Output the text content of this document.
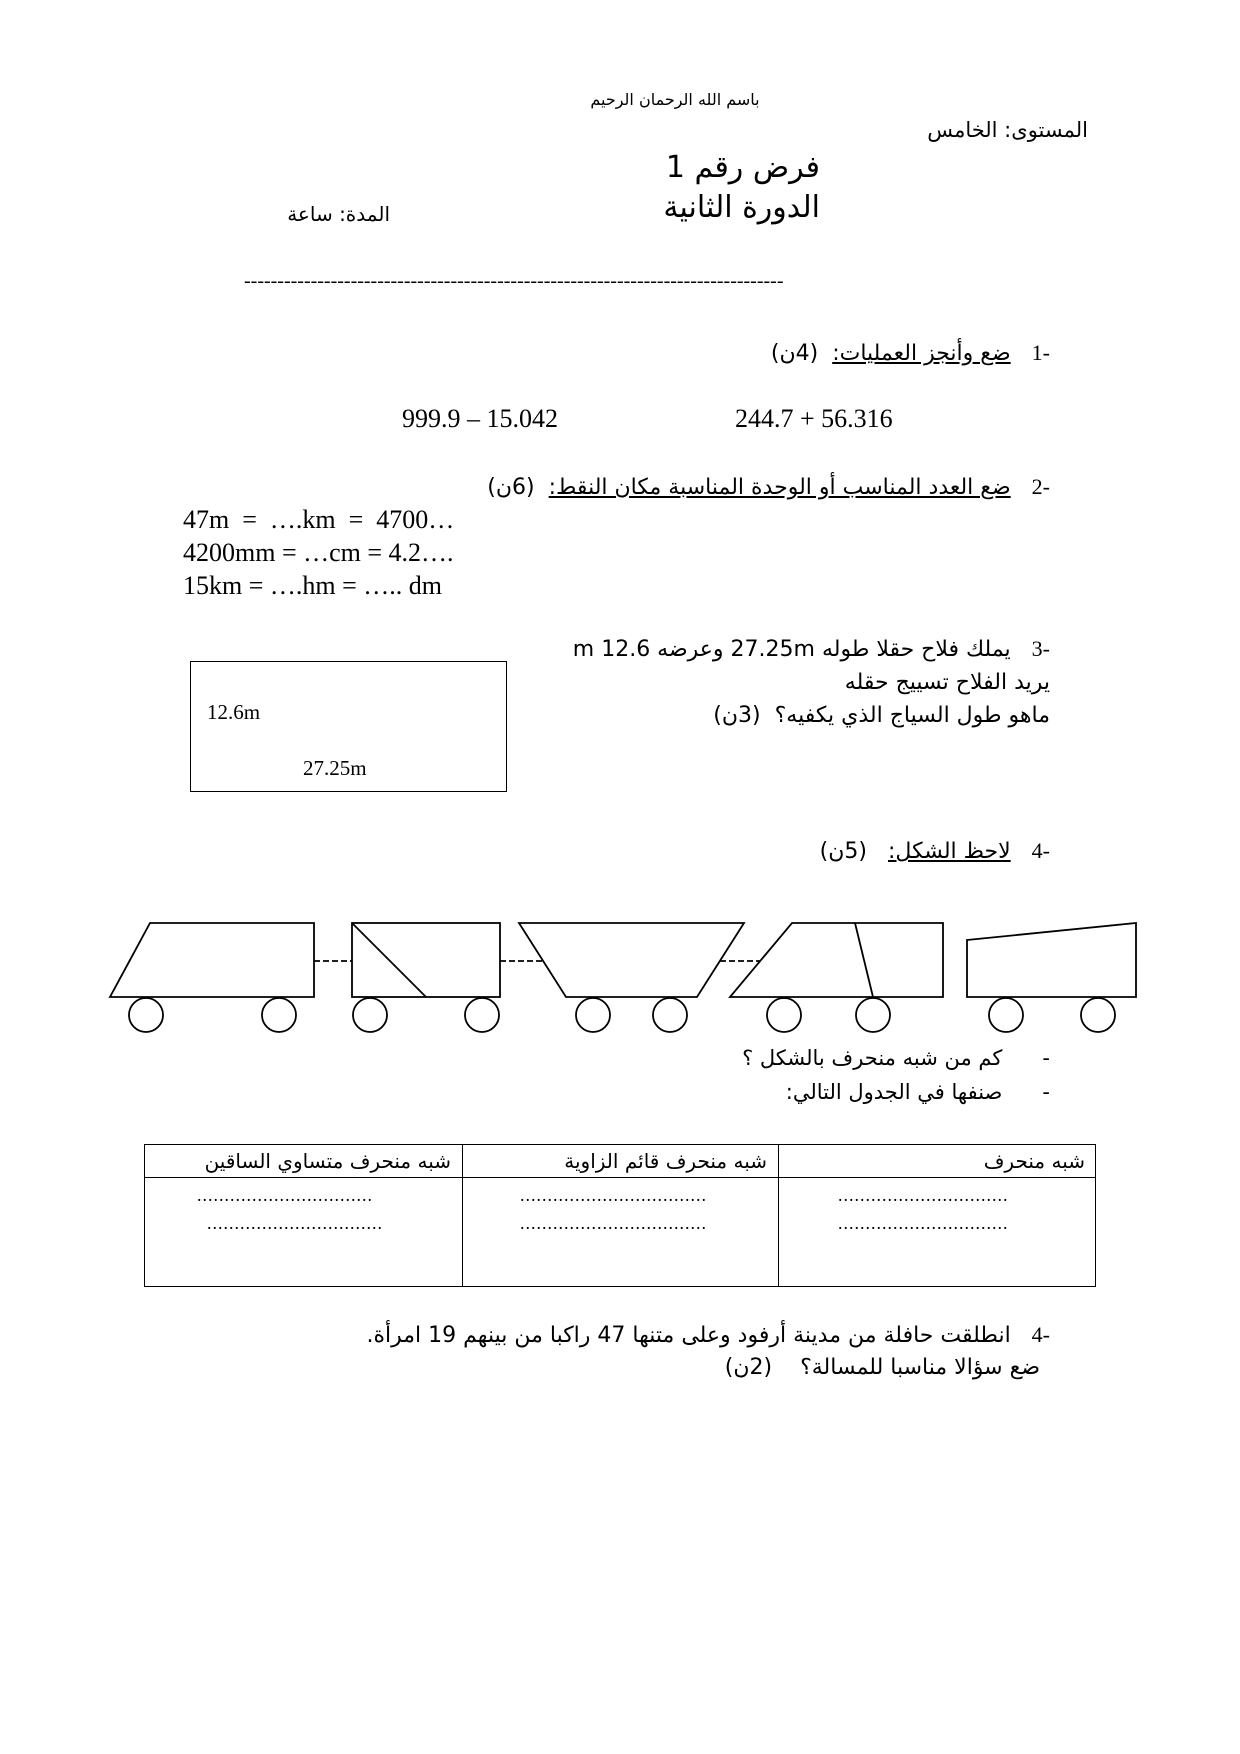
باسم الله الرحمان الرحيم
المستوى: الخامس
فرض رقم 1
الدورة الثانية
المدة: ساعة
---------------------------------------------------------------------------------
-1   ضع وأنجز العمليات:  (4ن)
244.7 + 56.316
999.9 – 15.042
-2   ضع العدد المناسب أو الوحدة المناسبة مكان النقط:  (6ن)
47m  =  ….km  =  4700…
4200mm = …cm = 4.2….
15km = ….hm = ….. dm
-3   يملك فلاح حقلا طوله 27.25m وعرضه 12.6 m
يريد الفلاح تسييج حقله
ماهو طول السياج الذي يكفيه؟  (3ن)
12.6m
27.25m
-4   لاحظ الشكل:   (5ن)
-      كم من شبه منحرف بالشكل ؟
-      صنفها في الجدول التالي:
شبه منحرف
شبه منحرف قائم الزاوية
شبه منحرف متساوي الساقين
...............................
...............................
..................................
..................................
................................
................................
-4   انطلقت حافلة من مدينة أرفود وعلى متنها 47 راكبا من بينهم 19 امرأة.
ضع سؤالا مناسبا للمسالة؟    (2ن)
